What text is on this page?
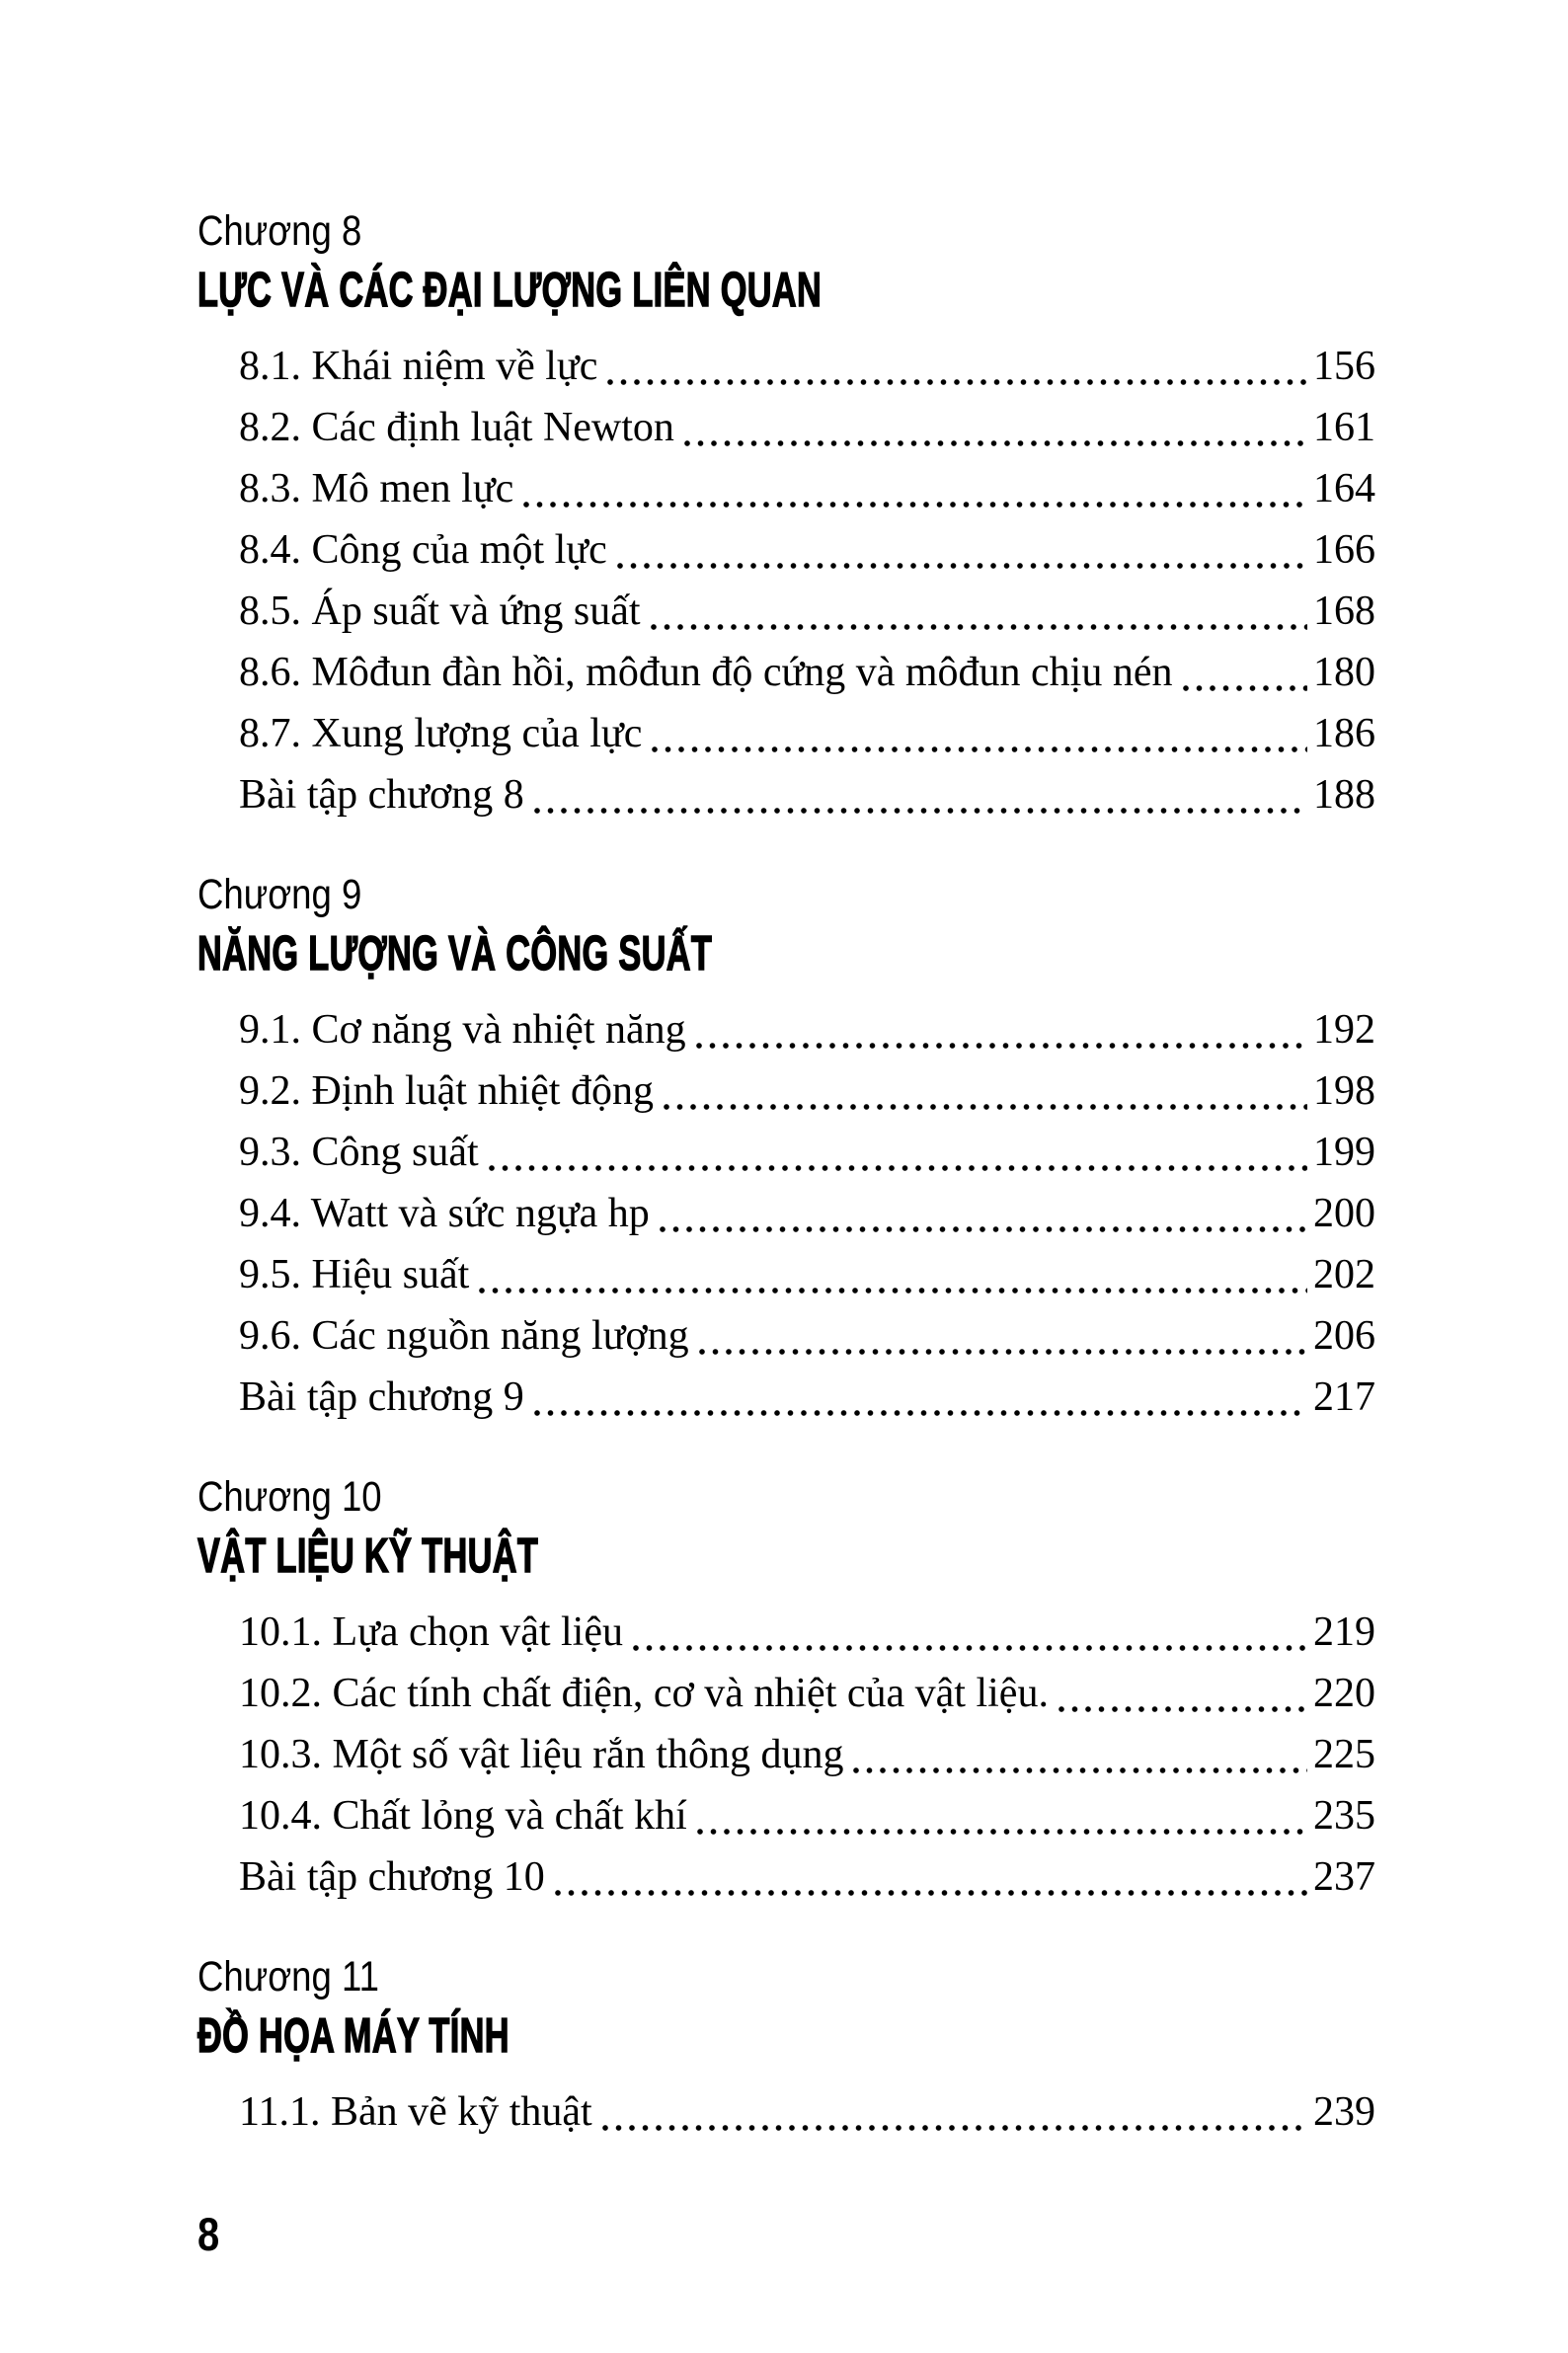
Chương 8
LỰC VÀ CÁC ĐẠI LƯỢNG LIÊN QUAN
8.1. Khái niệm về lực	156
8.2. Các định luật Newton	161
8.3. Mô men lực	164
8.4. Công của một lực	166
8.5. Áp suất và ứng suất	168
8.6. Môđun đàn hồi, môđun độ cứng và môđun chịu nén	180
8.7. Xung lượng của lực	186
Bài tập chương 8	188
Chương 9
NĂNG LƯỢNG VÀ CÔNG SUẤT
9.1. Cơ năng và nhiệt năng	192
9.2. Định luật nhiệt động	198
9.3. Công suất	199
9.4. Watt và sức ngựa hp	200
9.5. Hiệu suất	202
9.6. Các nguồn năng lượng	206
Bài tập chương 9	217
Chương 10
VẬT LIỆU KỸ THUẬT
10.1. Lựa chọn vật liệu	219
10.2. Các tính chất điện, cơ và nhiệt của vật liệu.	220
10.3. Một số vật liệu rắn thông dụng	225
10.4. Chất lỏng và chất khí	235
Bài tập chương 10	237
Chương 11
ĐỒ HỌA MÁY TÍNH
11.1. Bản vẽ kỹ thuật	239
8
